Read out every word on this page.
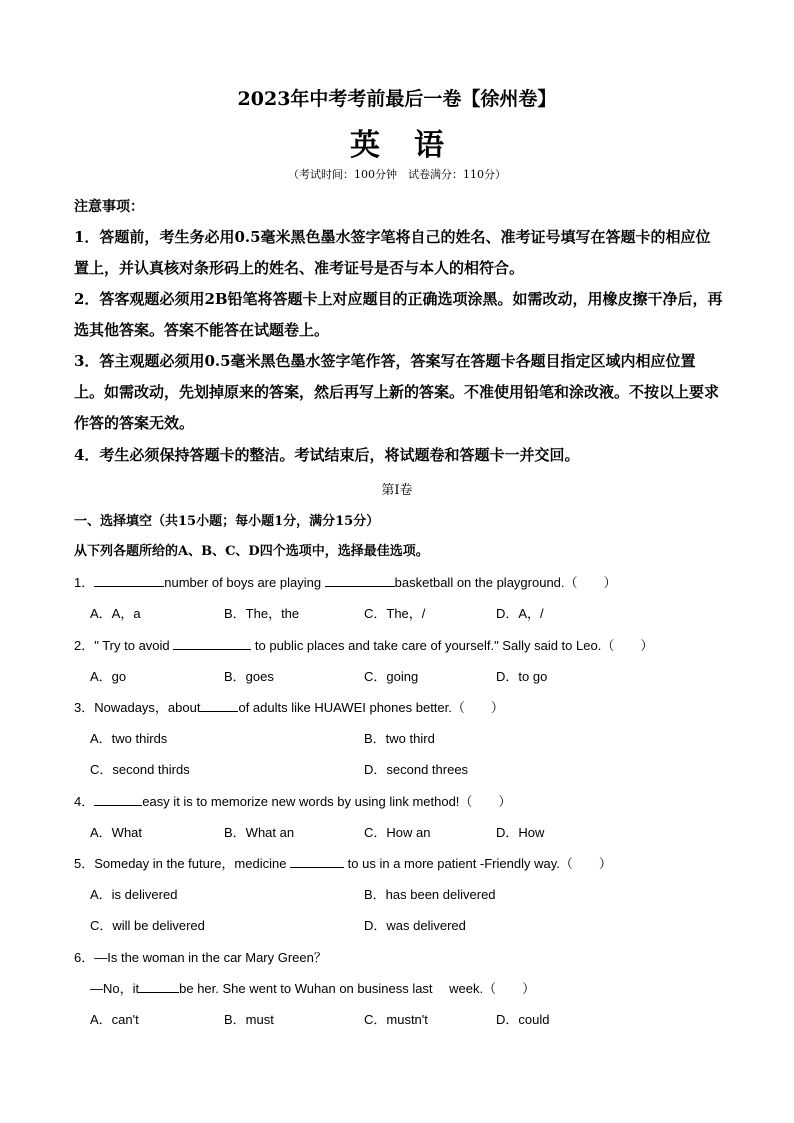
2023年中考考前最后一卷【徐州卷】
英语
（考试时间：100分钟　试卷满分：110分）
注意事项：
1．答题前，考生务必用0.5毫米黑色墨水签字笔将自己的姓名、准考证号填写在答题卡的相应位置上，并认真核对条形码上的姓名、准考证号是否与本人的相符合。
2．答客观题必须用2B铅笔将答题卡上对应题目的正确选项涂黑。如需改动，用橡皮擦干净后，再选其他答案。答案不能答在试题卷上。
3．答主观题必须用0.5毫米黑色墨水签字笔作答，答案写在答题卡各题目指定区域内相应位置上。如需改动，先划掉原来的答案，然后再写上新的答案。不准使用铅笔和涂改液。不按以上要求作答的答案无效。
4．考生必须保持答题卡的整洁。考试结束后，将试题卷和答题卡一并交回。
第Ⅰ卷
一、选择填空（共15小题；每小题1分，满分15分）
从下列各题所给的A、B、C、D四个选项中，选择最佳选项。
1．	number of boys are playing	basketball on the playground.（　　）
A．A，a	B．The，the	C．The，/	D．A，/
2．" Try to avoid	to public places and take care of yourself." Sally said to Leo.（　　）
A．go	B．goes	C．going	D．to go
3．Nowadays，about	of adults like HUAWEI phones better.（　　）
A．two thirds	B．two third
C．second thirds	D．second threes
4．	easy it is to memorize new words by using link method!（　　）
A．What	B．What an	C．How an	D．How
5．Someday in the future，medicine	to us in a more patient -Friendly way.（　　）
A．is delivered	B．has been delivered
C．will be delivered	D．was delivered
6．—Is the woman in the car Mary Green？
—No，it	be her. She went to Wuhan on business last　 week.（　　）
A．can't	B．must	C．mustn't	D．could
